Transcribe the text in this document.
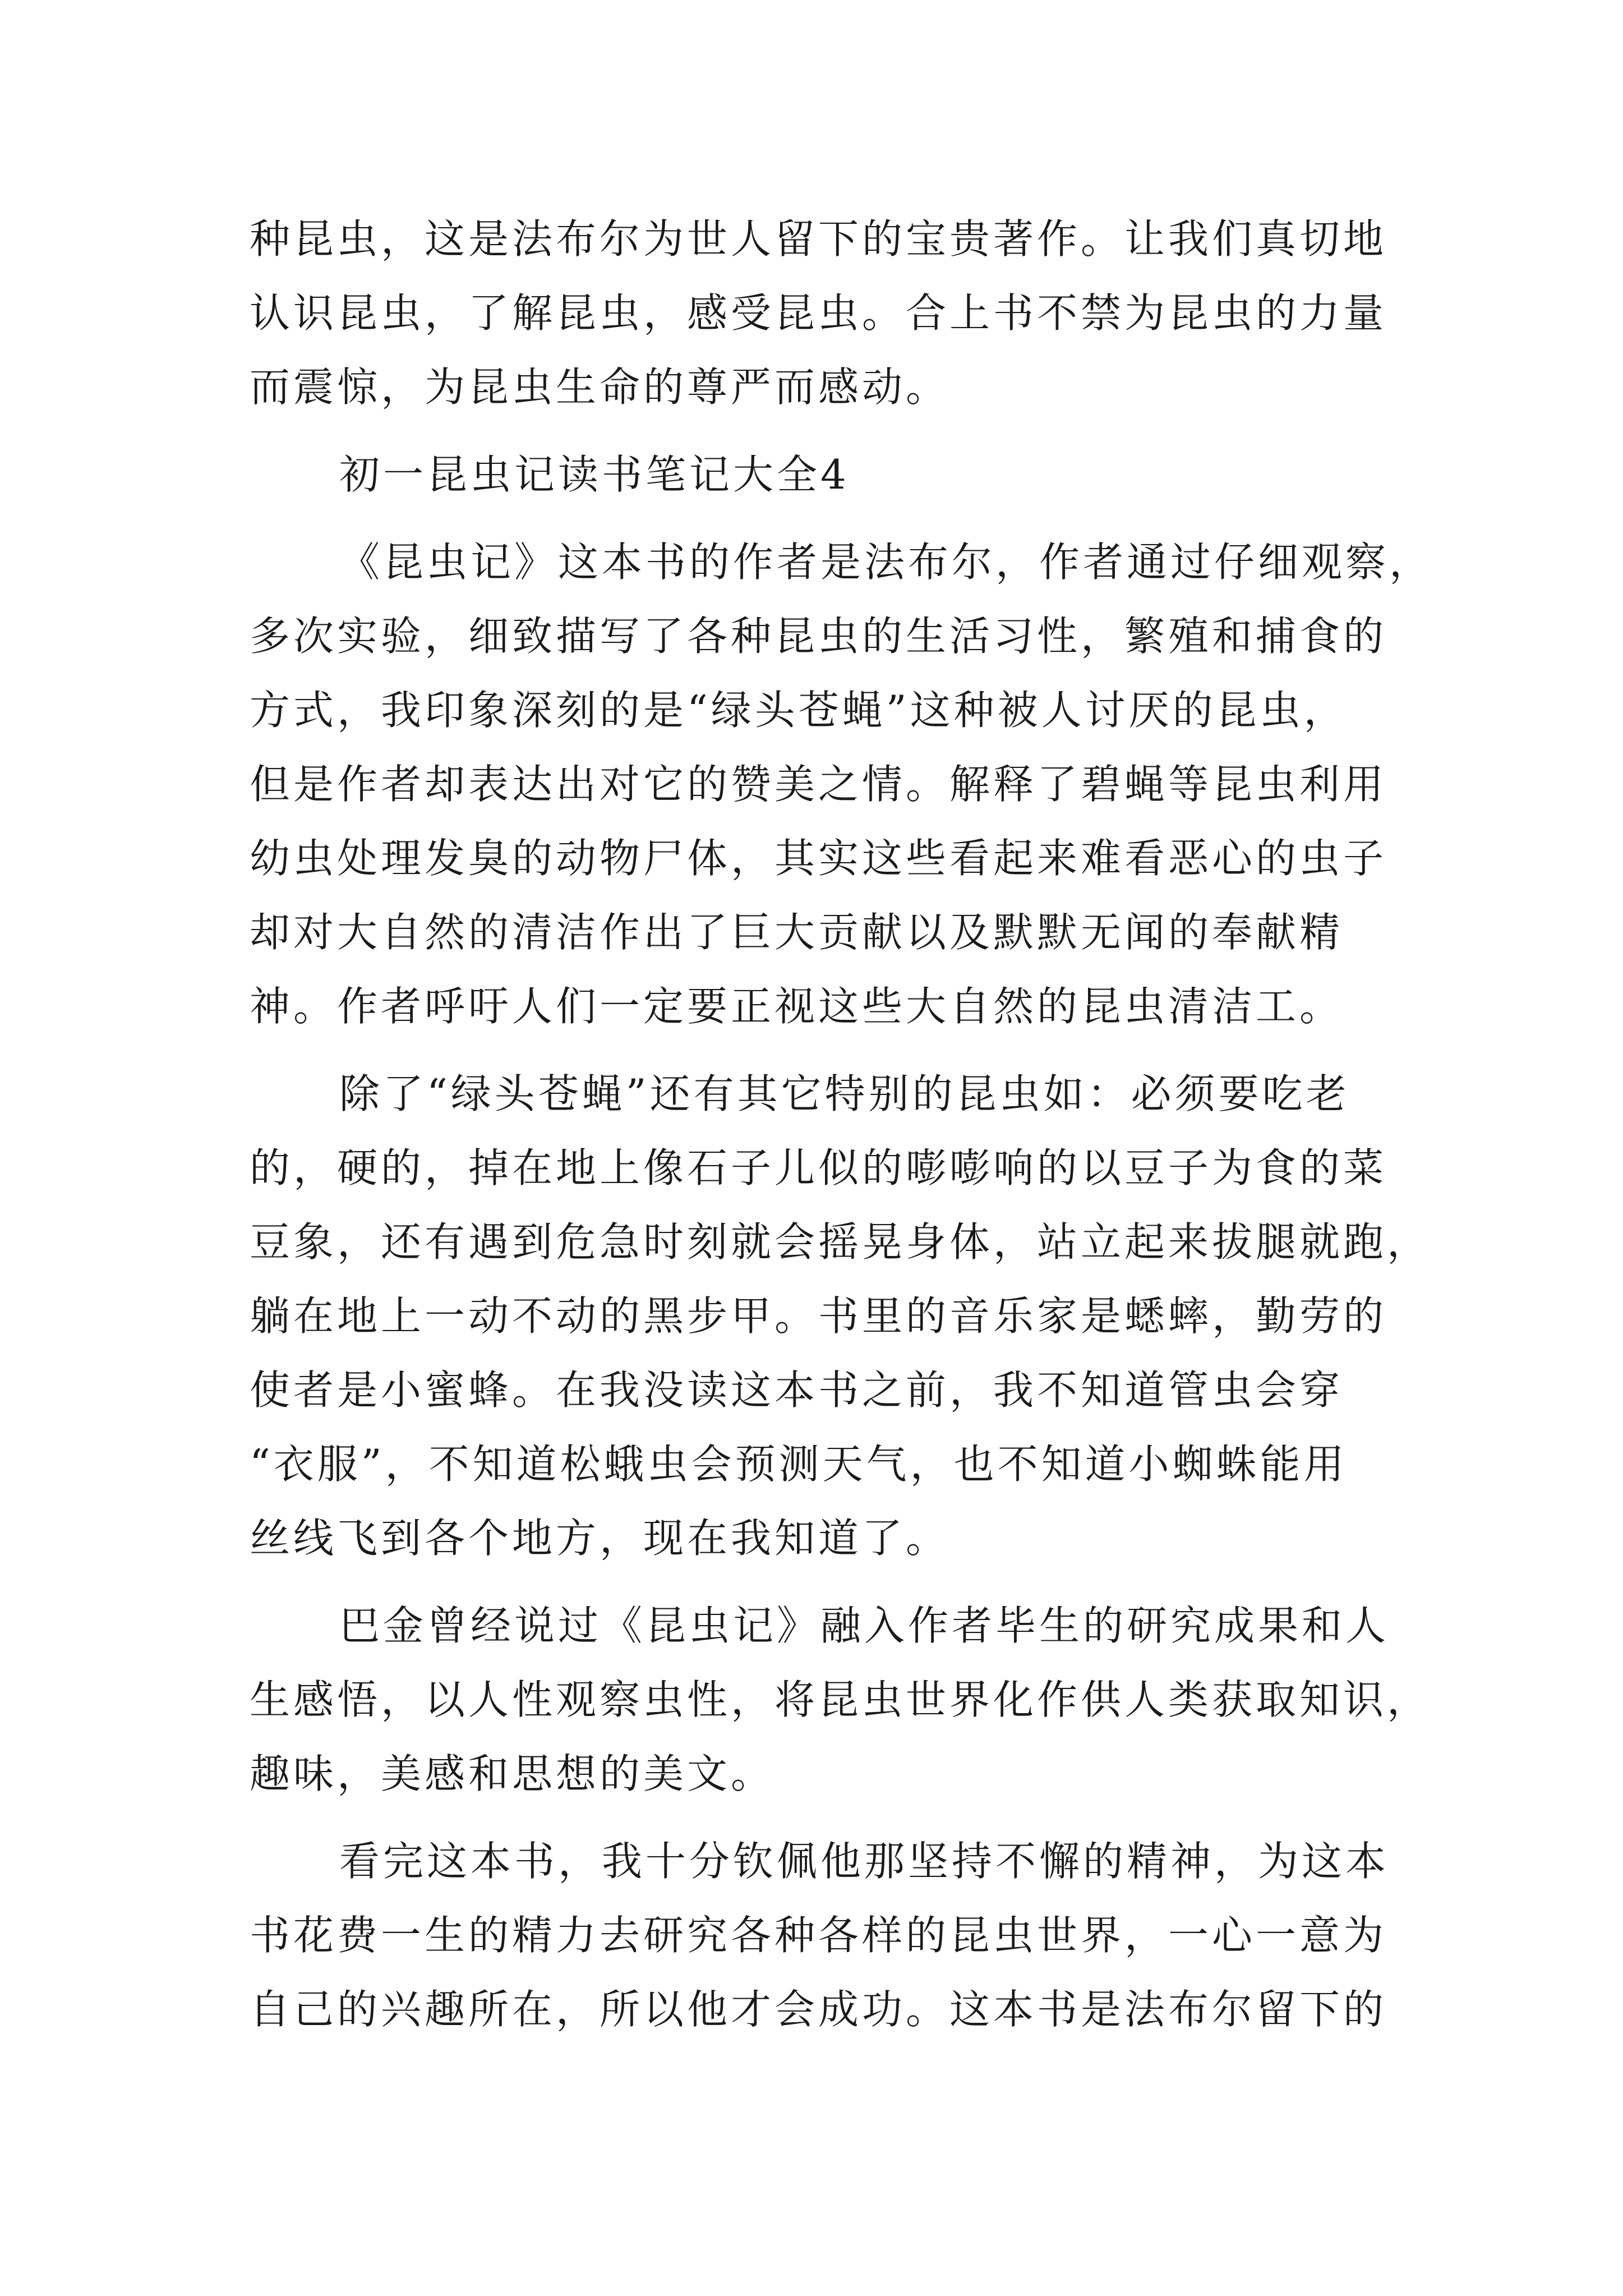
种昆虫，这是法布尔为世人留下的宝贵著作。让我们真切地
认识昆虫，了解昆虫，感受昆虫。合上书不禁为昆虫的力量
而震惊，为昆虫生命的尊严而感动。
初一昆虫记读书笔记大全4
《昆虫记》这本书的作者是法布尔，作者通过仔细观察，
多次实验，细致描写了各种昆虫的生活习性，繁殖和捕食的
方式，我印象深刻的是“绿头苍蝇”这种被人讨厌的昆虫，
但是作者却表达出对它的赞美之情。解释了碧蝇等昆虫利用
幼虫处理发臭的动物尸体，其实这些看起来难看恶心的虫子
却对大自然的清洁作出了巨大贡献以及默默无闻的奉献精
神。作者呼吁人们一定要正视这些大自然的昆虫清洁工。
除了“绿头苍蝇”还有其它特别的昆虫如：必须要吃老
的，硬的，掉在地上像石子儿似的嘭嘭响的以豆子为食的菜
豆象，还有遇到危急时刻就会摇晃身体，站立起来拔腿就跑，
躺在地上一动不动的黑步甲。书里的音乐家是蟋蟀，勤劳的
使者是小蜜蜂。在我没读这本书之前，我不知道管虫会穿
“衣服”，不知道松蛾虫会预测天气，也不知道小蜘蛛能用
丝线飞到各个地方，现在我知道了。
巴金曾经说过《昆虫记》融入作者毕生的研究成果和人
生感悟，以人性观察虫性，将昆虫世界化作供人类获取知识，
趣味，美感和思想的美文。
看完这本书，我十分钦佩他那坚持不懈的精神，为这本
书花费一生的精力去研究各种各样的昆虫世界，一心一意为
自己的兴趣所在，所以他才会成功。这本书是法布尔留下的
